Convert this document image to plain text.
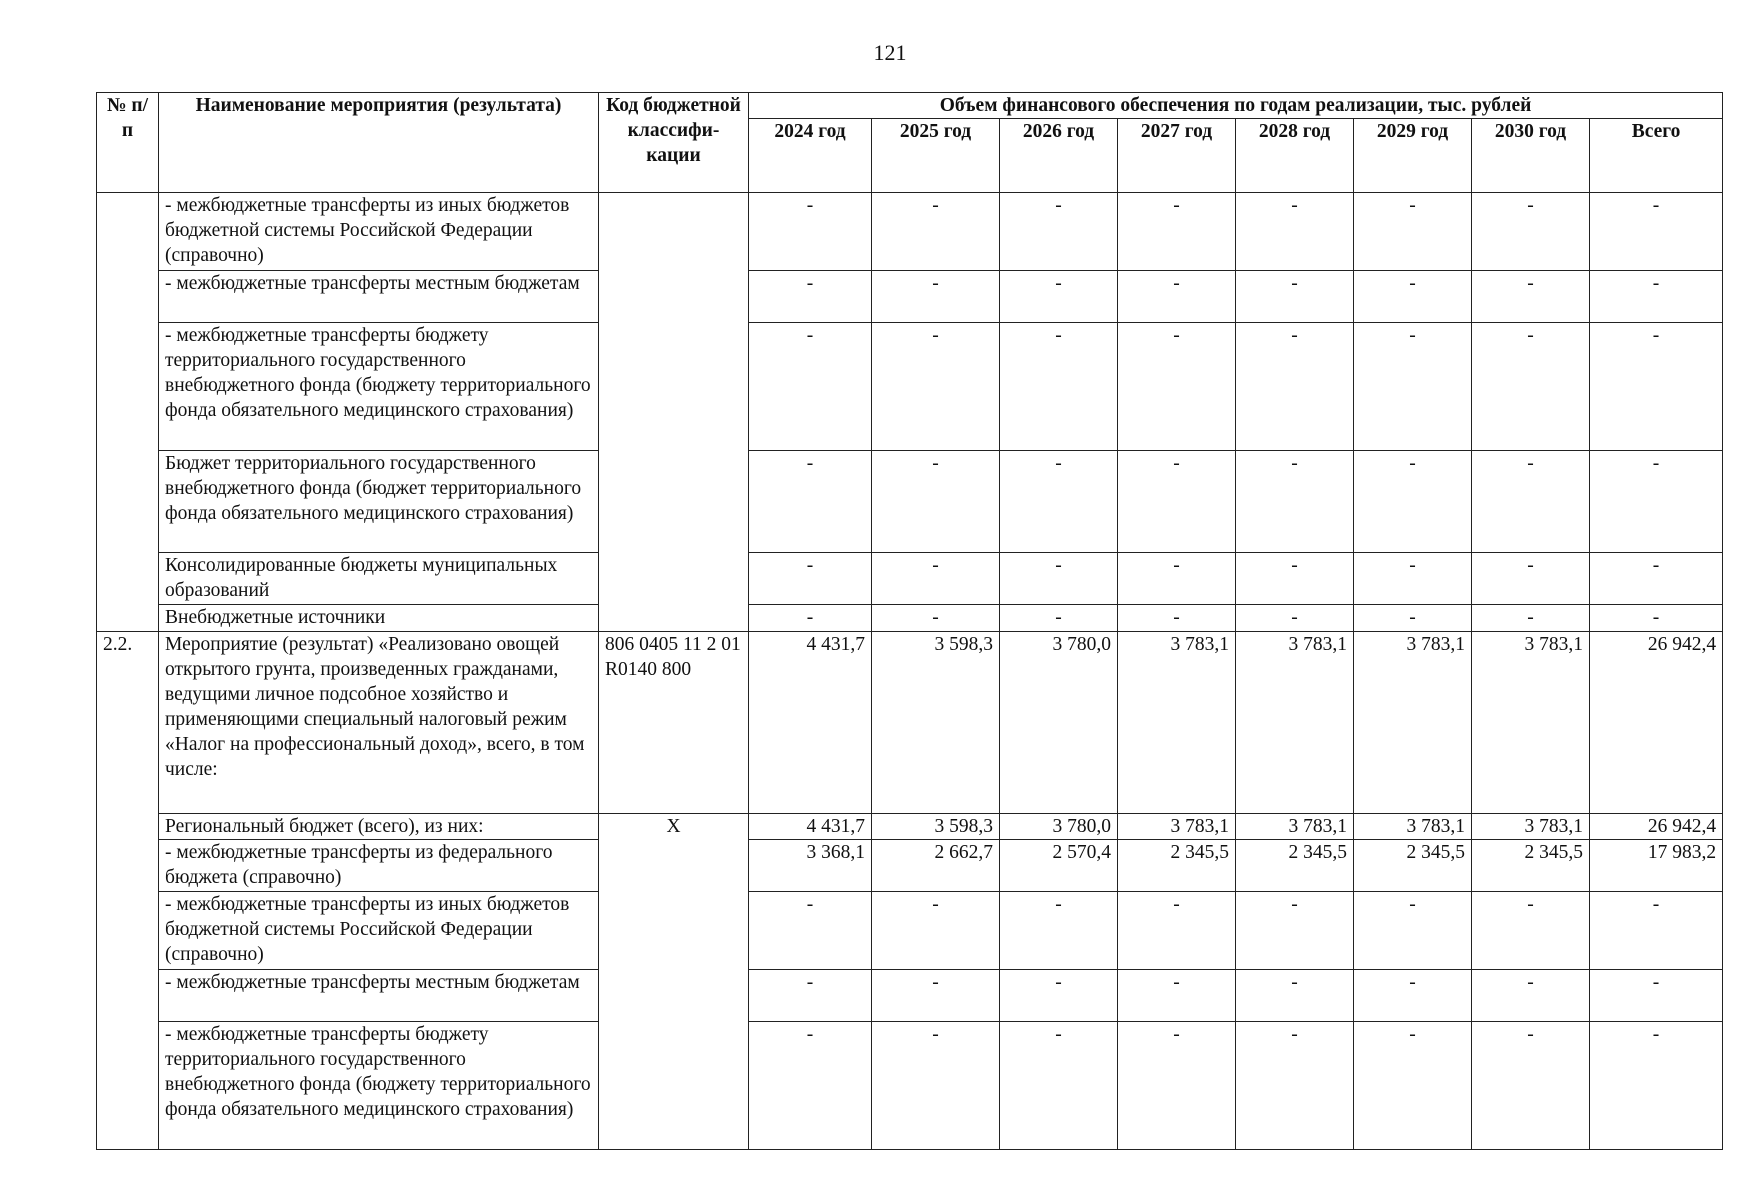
121
№ п/п	Наименование мероприятия (результата)	Код бюджетной классифи-кации	Объем финансового обеспечения по годам реализации, тыс. рублей							
			2024 год	2025 год	2026 год	2027 год	2028 год	2029 год	2030 год	Всего
	- межбюджетные трансферты из иных бюджетов бюджетной системы Российской Федерации (справочно)		-	-	-	-	-	-	-	-
	- межбюджетные трансферты местным бюджетам		-	-	-	-	-	-	-	-
	- межбюджетные трансферты бюджету территориального государственного внебюджетного фонда (бюджету территориального фонда обязательного медицинского страхования)		-	-	-	-	-	-	-	-
	Бюджет территориального государственного внебюджетного фонда (бюджет территориального фонда обязательного медицинского страхования)		-	-	-	-	-	-	-	-
	Консолидированные бюджеты муниципальных образований		-	-	-	-	-	-	-	-
	Внебюджетные источники		-	-	-	-	-	-	-	-
2.2.	Мероприятие (результат) «Реализовано овощей открытого грунта, произведенных гражданами, ведущими личное подсобное хозяйство и применяющими специальный налоговый режим «Налог на профессиональный доход», всего, в том числе:	806 0405 11 2 01 R0140 800	4 431,7	3 598,3	3 780,0	3 783,1	3 783,1	3 783,1	3 783,1	26 942,4
	Региональный бюджет (всего), из них:	X	4 431,7	3 598,3	3 780,0	3 783,1	3 783,1	3 783,1	3 783,1	26 942,4
	- межбюджетные трансферты из федерального бюджета (справочно)		3 368,1	2 662,7	2 570,4	2 345,5	2 345,5	2 345,5	2 345,5	17 983,2
	- межбюджетные трансферты из иных бюджетов бюджетной системы Российской Федерации (справочно)		-	-	-	-	-	-	-	-
	- межбюджетные трансферты местным бюджетам		-	-	-	-	-	-	-	-
	- межбюджетные трансферты бюджету территориального государственного внебюджетного фонда (бюджету территориального фонда обязательного медицинского страхования)		-	-	-	-	-	-	-	-
